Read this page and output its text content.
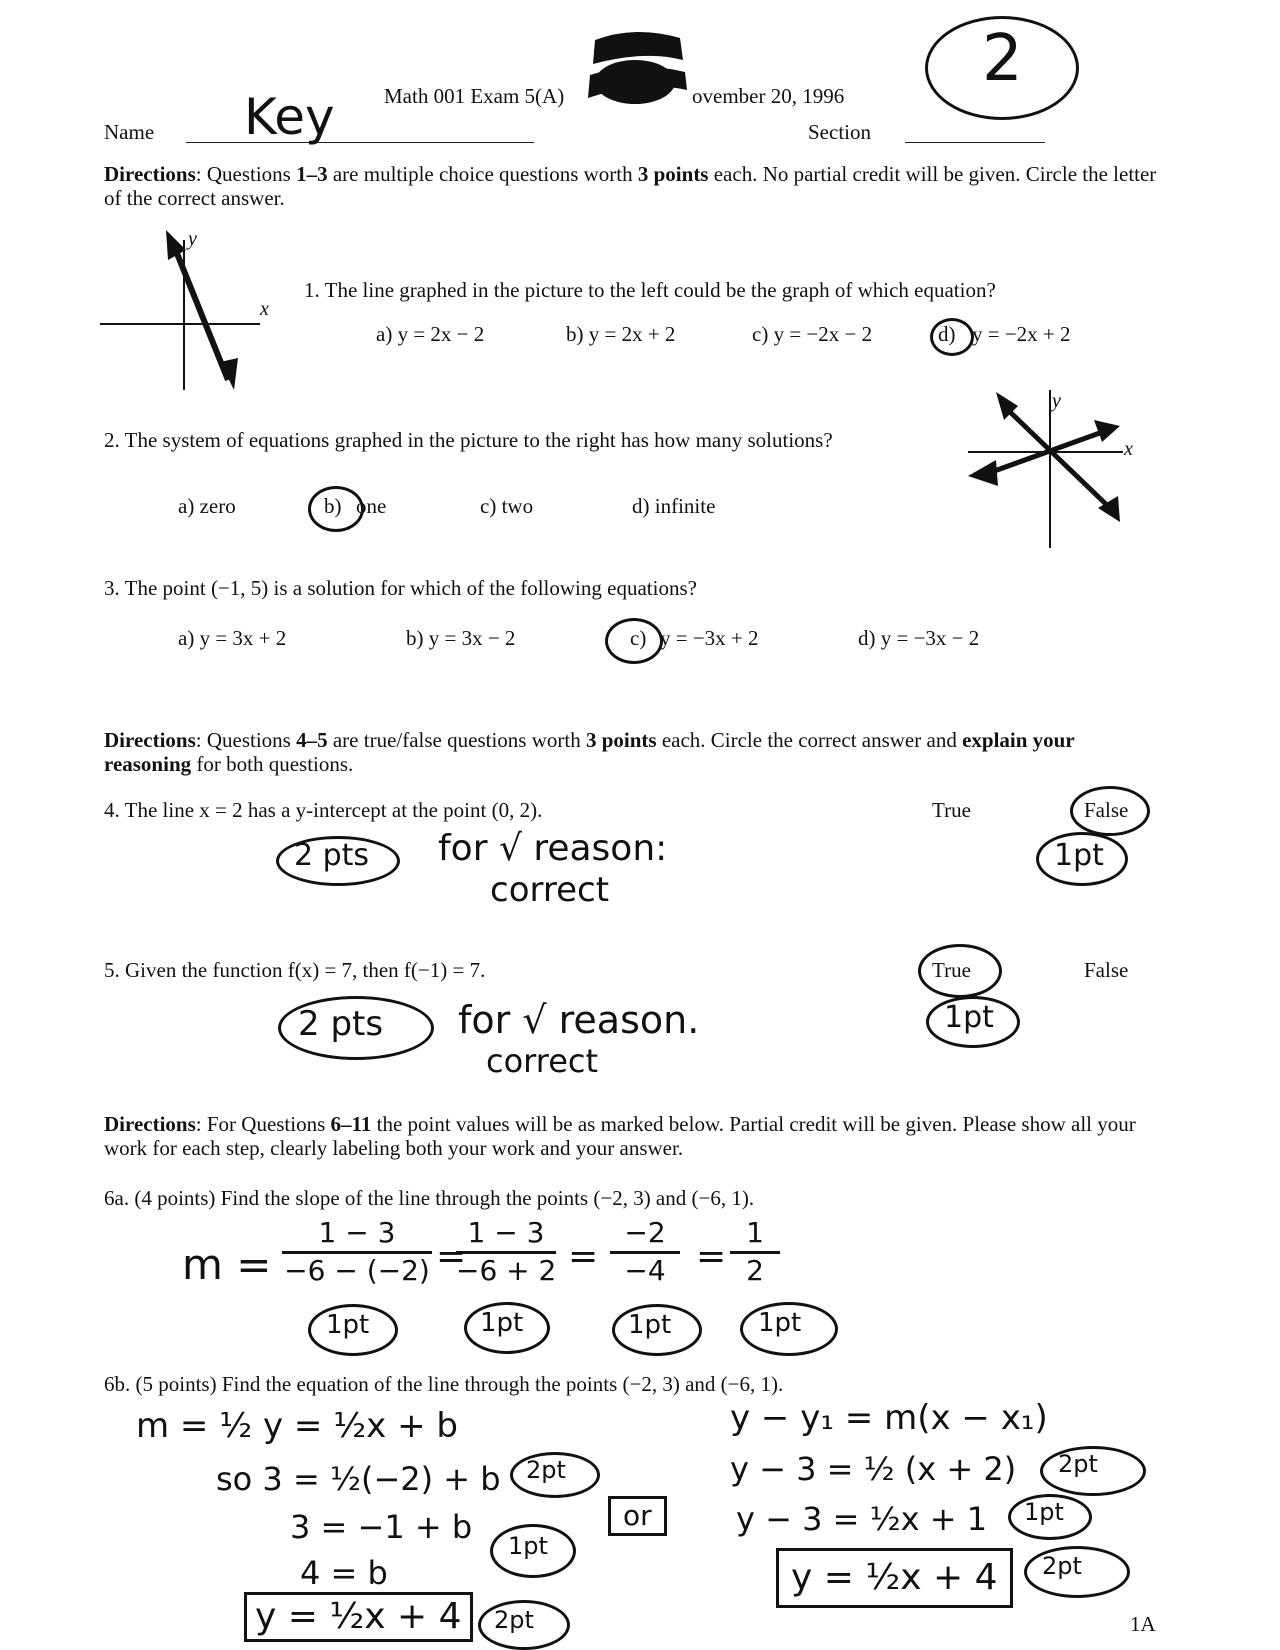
Math 001 Exam 5(A)	ovember 20, 1996 2
Name Key	Section
Directions: Questions 1–3 are multiple choice questions worth 3 points each. No partial credit will be given. Circle the letter of the correct answer.
y
x
1. The line graphed in the picture to the left could be the graph of which equation?
a) y = 2x − 2	b) y = 2x + 2	c) y = −2x − 2	d) y = −2x + 2
2. The system of equations graphed in the picture to the right has how many solutions?
y
x
a) zero	b) one	c) two	d) infinite
3. The point (−1, 5) is a solution for which of the following equations?
a) y = 3x + 2	b) y = 3x − 2	c) y = −3x + 2	d) y = −3x − 2
Directions: Questions 4–5 are true/false questions worth 3 points each. Circle the correct answer and explain your reasoning for both questions.
4. The line x = 2 has a y-intercept at the point (0, 2).	True	False
2 pts for √ reason:
correct
1pt
5. Given the function f(x) = 7, then f(−1) = 7.	True	False
2 pts for √ reason.
correct
1pt
Directions: For Questions 6–11 the point values will be as marked below. Partial credit will be given. Please show all your work for each step, clearly labeling both your work and your answer.
6a. (4 points) Find the slope of the line through the points (−2, 3) and (−6, 1).
$m = \frac{1 - 3}{-6 - (-2)}$ =
$\frac{1 - 3}{-6 + 2} = \frac{-2}{-4} = \frac{1}{2}$
1pt	1pt	1pt	1pt
6b. (5 points) Find the equation of the line through the points (−2, 3) and (−6, 1).
m = ½ y = ½x + b
so 3 = ½(−2) + b
3 = −1 + b
4 = b
y = ½x + 4
or
y − y₁ = m(x − x₁)
y − 3 = ½ (x + 2)
y − 3 = ½x + 1
y = ½x + 4
2pt
1pt
2pt
2pt
1pt
2pt
1A
